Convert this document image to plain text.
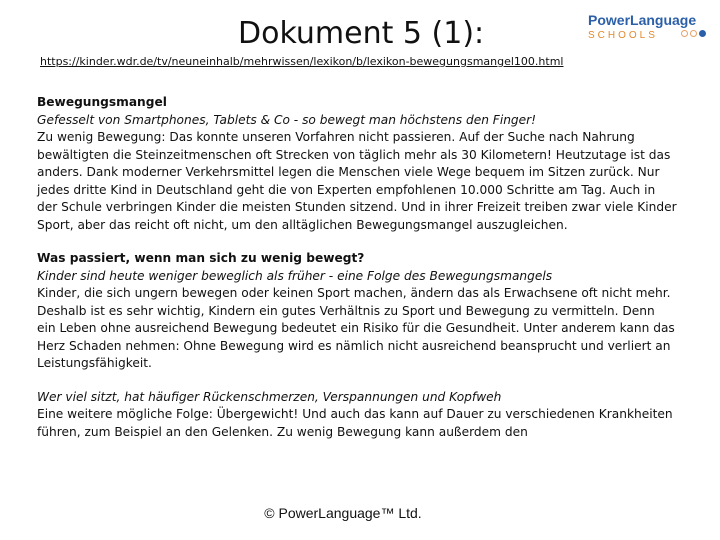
Dokument 5 (1):	PowerLanguage
SCHOOLS
https://kinder.wdr.de/tv/neuneinhalb/mehrwissen/lexikon/b/lexikon-bewegungsmangel100.html

Bewegungsmangel

Gefesselt von Smartphones, Tablets & Co - so bewegt man höchstens den Finger!

Zu wenig Bewegung: Das konnte unseren Vorfahren nicht passieren. Auf der Suche nach Nahrung bewältigten die Steinzeitmenschen oft Strecken von täglich mehr als 30 Kilometern! Heutzutage ist das anders. Dank moderner Verkehrsmittel legen die Menschen viele Wege bequem im Sitzen zurück. Nur jedes dritte Kind in Deutschland geht die von Experten empfohlenen 10.000 Schritte am Tag. Auch in der Schule verbringen Kinder die meisten Stunden sitzend. Und in ihrer Freizeit treiben zwar viele Kinder Sport, aber das reicht oft nicht, um den alltäglichen Bewegungsmangel auszugleichen.

Was passiert, wenn man sich zu wenig bewegt?

Kinder sind heute weniger beweglich als früher - eine Folge des Bewegungsmangels

Kinder, die sich ungern bewegen oder keinen Sport machen, ändern das als Erwachsene oft nicht mehr. Deshalb ist es sehr wichtig, Kindern ein gutes Verhältnis zu Sport und Bewegung zu vermitteln. Denn ein Leben ohne ausreichend Bewegung bedeutet ein Risiko für die Gesundheit. Unter anderem kann das Herz Schaden nehmen: Ohne Bewegung wird es nämlich nicht ausreichend beansprucht und verliert an Leistungsfähigkeit.

Wer viel sitzt, hat häufiger Rückenschmerzen, Verspannungen und Kopfweh

Eine weitere mögliche Folge: Übergewicht! Und auch das kann auf Dauer zu verschiedenen Krankheiten führen, zum Beispiel an den Gelenken. Zu wenig Bewegung kann außerdem den

© PowerLanguage™ Ltd.
